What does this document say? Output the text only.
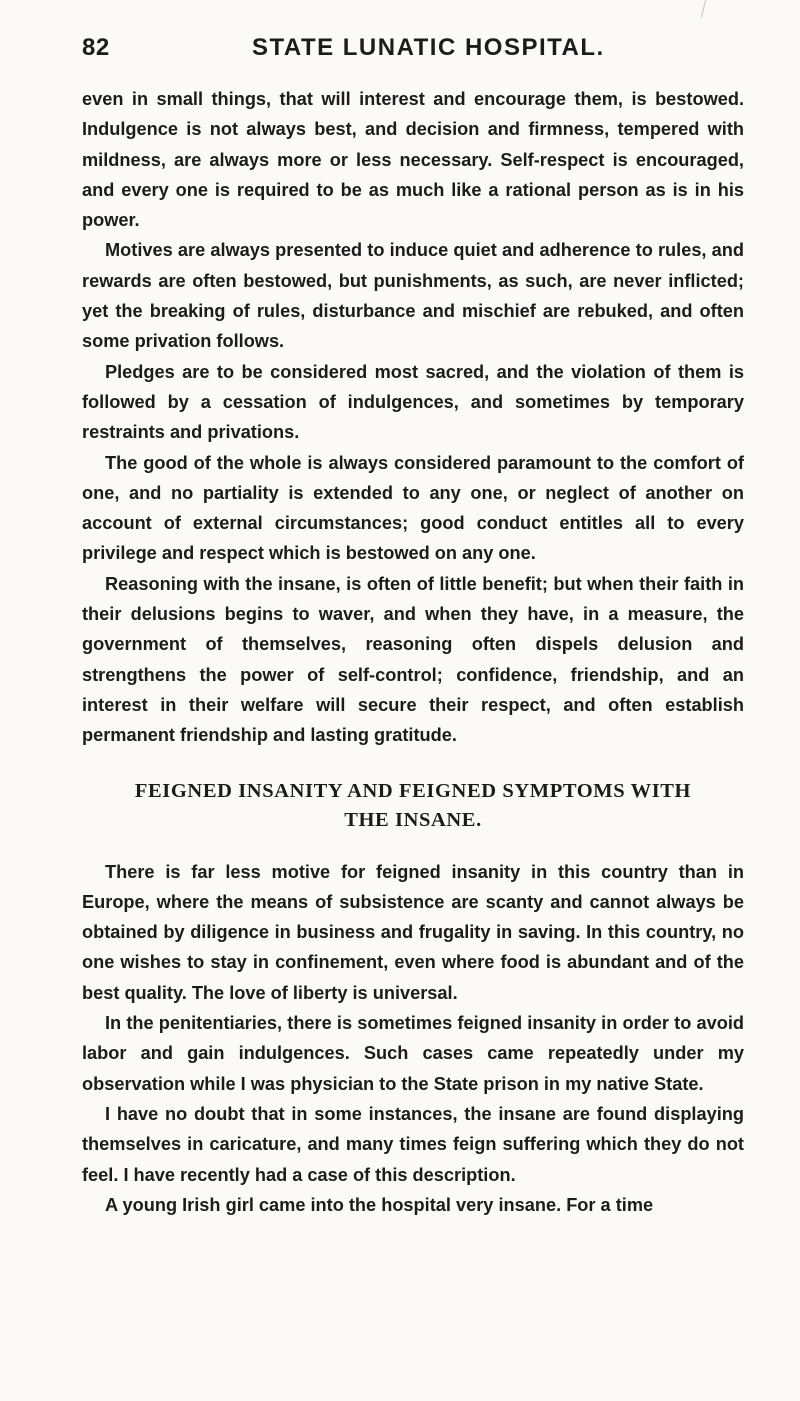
82	STATE LUNATIC HOSPITAL.

even in small things, that will interest and encourage them, is bestowed. Indulgence is not always best, and decision and firmness, tempered with mildness, are always more or less necessary. Self-respect is encouraged, and every one is required to be as much like a rational person as is in his power.

Motives are always presented to induce quiet and adherence to rules, and rewards are often bestowed, but punishments, as such, are never inflicted; yet the breaking of rules, disturbance and mischief are rebuked, and often some privation follows.

Pledges are to be considered most sacred, and the violation of them is followed by a cessation of indulgences, and sometimes by temporary restraints and privations.

The good of the whole is always considered paramount to the comfort of one, and no partiality is extended to any one, or neglect of another on account of external circumstances; good conduct entitles all to every privilege and respect which is bestowed on any one.

Reasoning with the insane, is often of little benefit; but when their faith in their delusions begins to waver, and when they have, in a measure, the government of themselves, reasoning often dispels delusion and strengthens the power of self-control; confidence, friendship, and an interest in their welfare will secure their respect, and often establish permanent friendship and lasting gratitude.

FEIGNED INSANITY AND FEIGNED SYMPTOMS WITH
THE INSANE.

There is far less motive for feigned insanity in this country than in Europe, where the means of subsistence are scanty and cannot always be obtained by diligence in business and frugality in saving. In this country, no one wishes to stay in confinement, even where food is abundant and of the best quality. The love of liberty is universal.

In the penitentiaries, there is sometimes feigned insanity in order to avoid labor and gain indulgences. Such cases came repeatedly under my observation while I was physician to the State prison in my native State.

I have no doubt that in some instances, the insane are found displaying themselves in caricature, and many times feign suffering which they do not feel. I have recently had a case of this description.

A young Irish girl came into the hospital very insane. For a time
